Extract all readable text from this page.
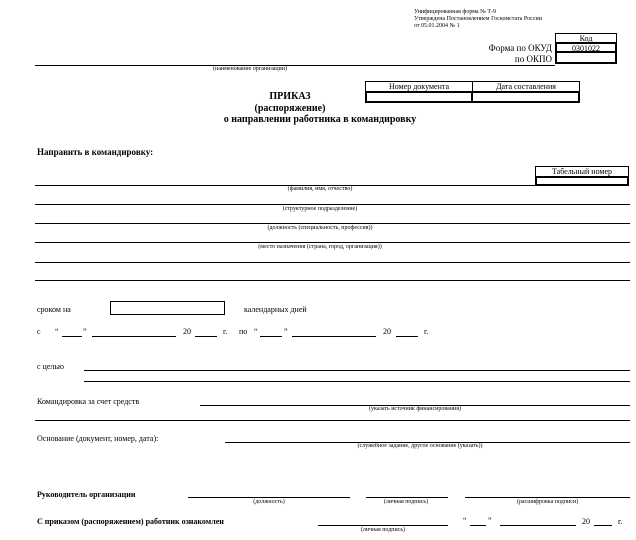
Унифицированная форма № Т-9
Утверждена Постановлением Госкомстата России
от 05.01.2004 № 1
Код
Форма по ОКУД	0301022
по ОКПО
(наименование организации)
Номер документа	Дата составления
ПРИКАЗ
(распоряжение)
о направлении работника в командировку
Направить в командировку:
Табельный номер
(фамилия, имя, отчество)
(структурное подразделение)
(должность (специальность, профессия))
(место назначения (страна, город, организация))
сроком на	календарных дней
с “	”	20	г. по “	”	20	г.
с целью
Командировка за счет средств
(указать источник финансирования)
Основание (документ, номер, дата):
(служебное задание, другое основание (указать))
Руководитель организации
(должность)	(личная подпись)	(расшифровка подписи)
С приказом (распоряжением) работник ознакомлен
(личная подпись)
“	”	20	г.
